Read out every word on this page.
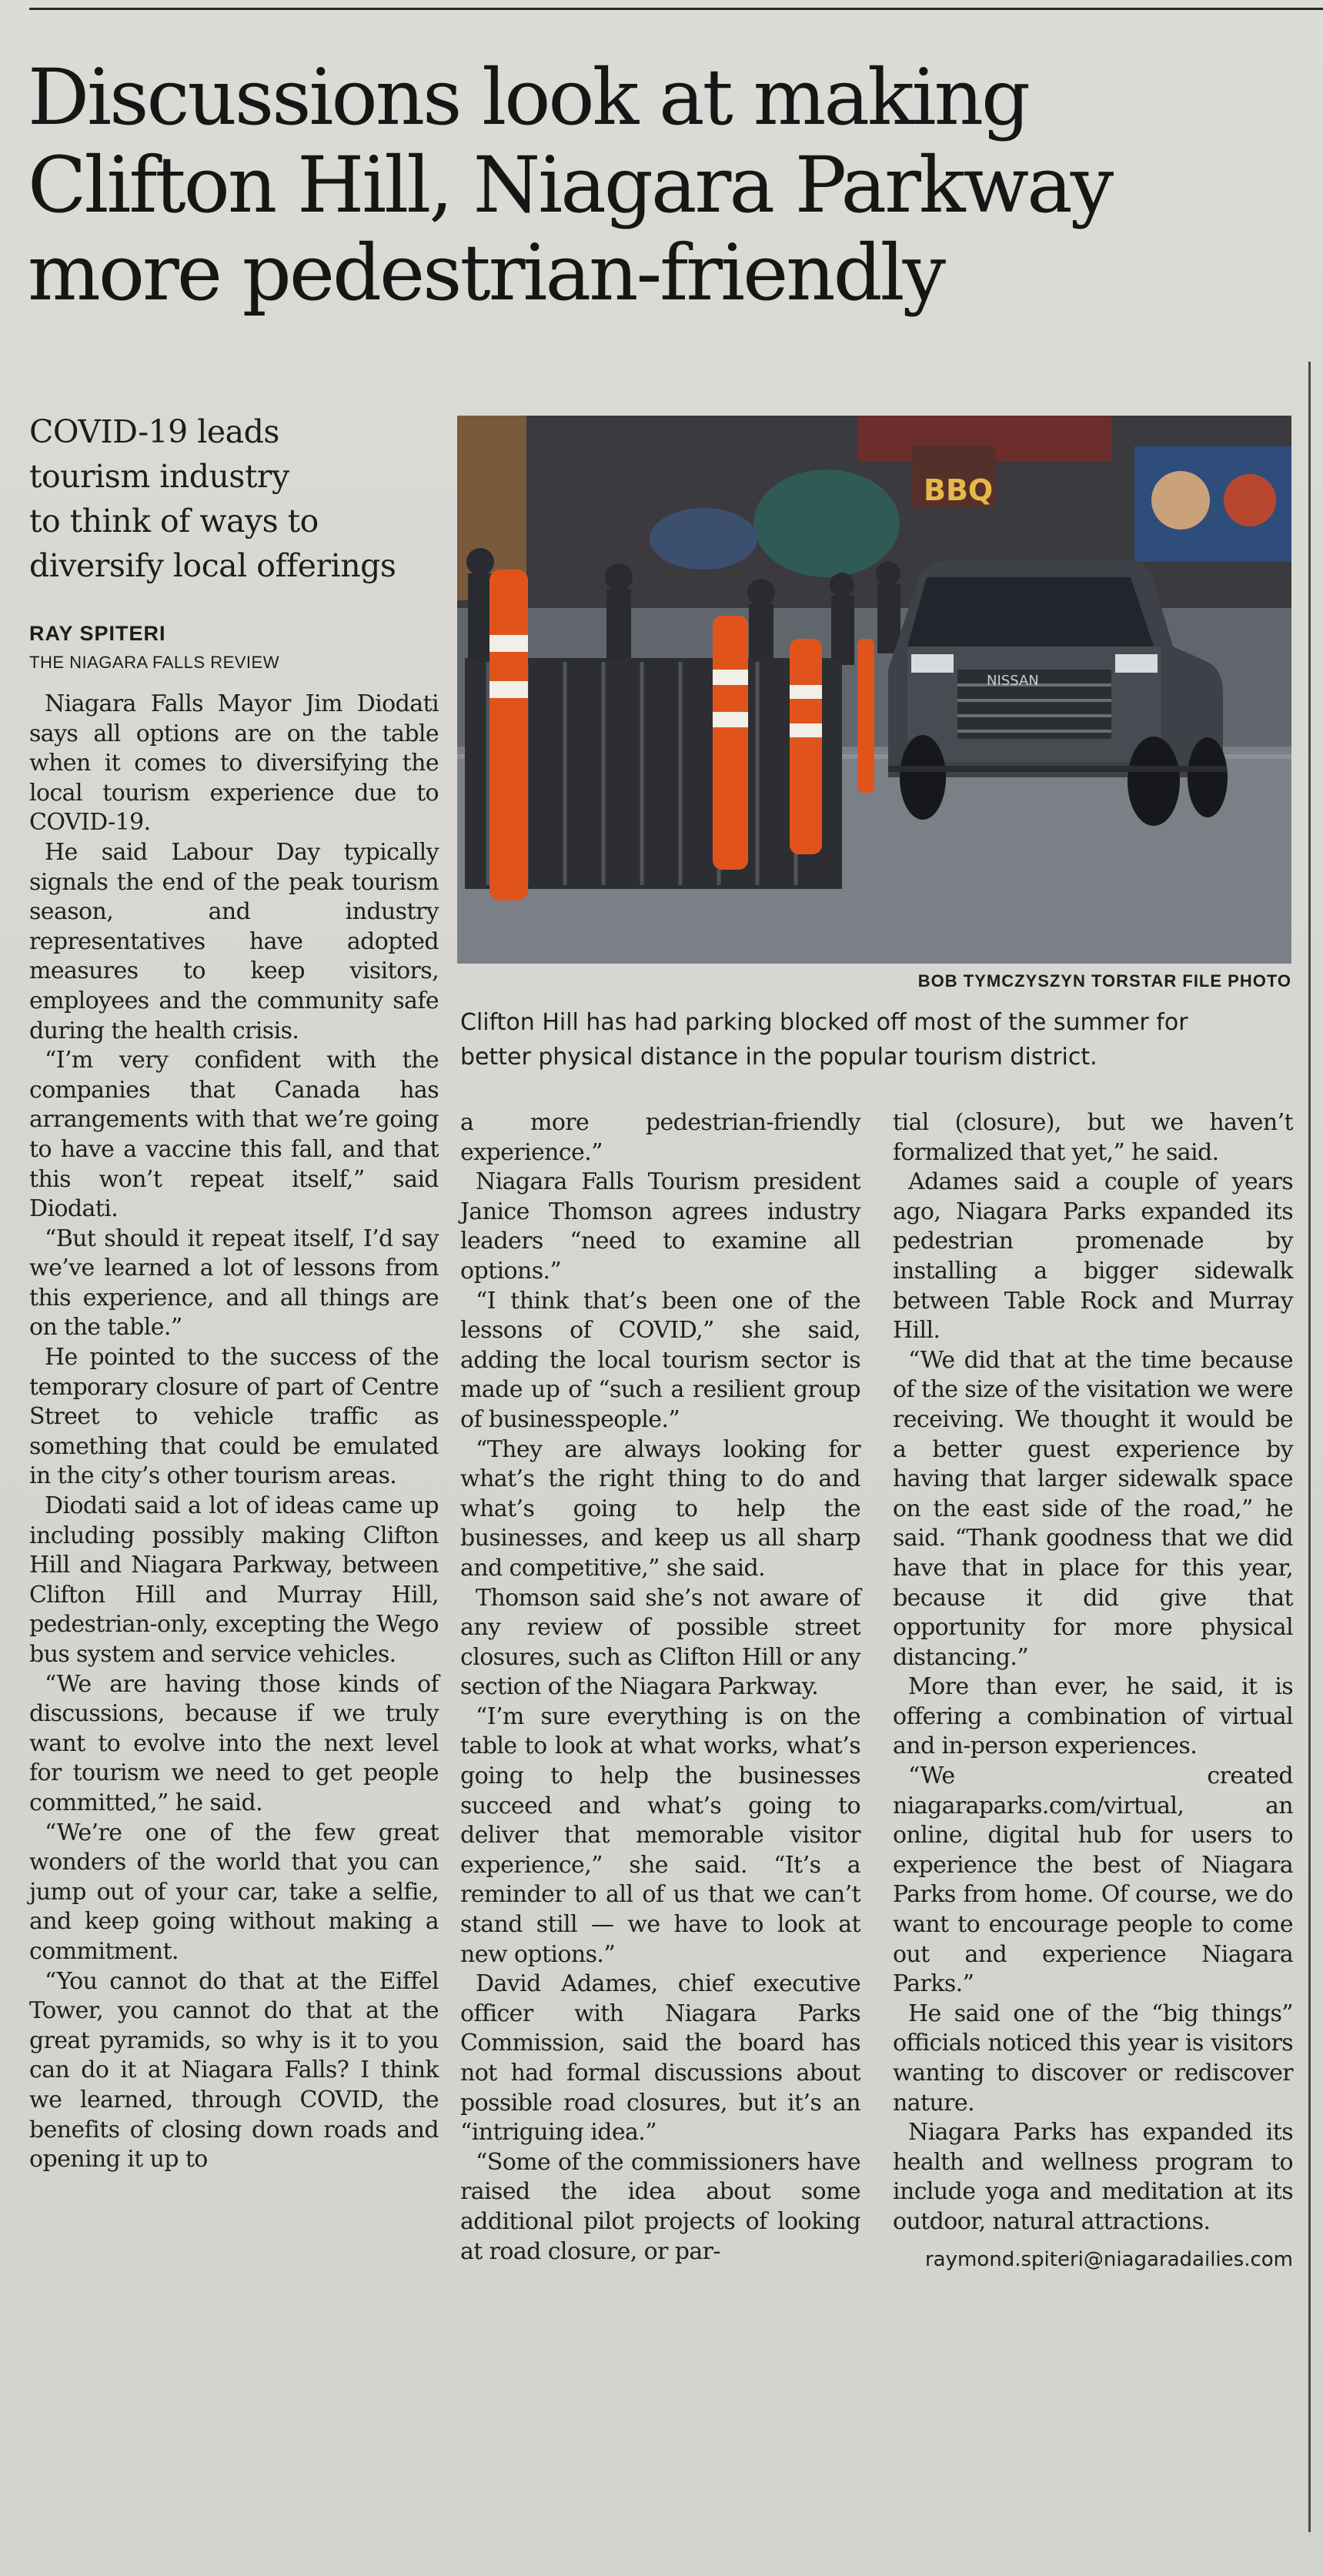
Discussions look at making
Clifton Hill, Niagara Parkway
more pedestrian-friendly
COVID-19 leads
tourism industry
to think of ways to
diversify local offerings
RAY SPITERI
THE NIAGARA FALLS REVIEW
BBQ
NISSAN
BOB TYMCZYSZYN TORSTAR FILE PHOTO
Clifton Hill has had parking blocked off most of the summer for
better physical distance in the popular tourism district.

Niagara Falls Mayor Jim Diodati says all options are on the table when it comes to diversifying the local tourism experience due to COVID-19.

He said Labour Day typically signals the end of the peak tourism season, and industry representatives have adopted measures to keep visitors, employees and the community safe during the health crisis.

“I’m very confident with the companies that Canada has arrangements with that we’re going to have a vaccine this fall, and that this won’t repeat itself,” said Diodati.

“But should it repeat itself, I’d say we’ve learned a lot of lessons from this experience, and all things are on the table.”

He pointed to the success of the temporary closure of part of Centre Street to vehicle traffic as something that could be emulated in the city’s other tourism areas.

Diodati said a lot of ideas came up including possibly making Clifton Hill and Niagara Parkway, between Clifton Hill and Murray Hill, pedestrian-only, excepting the Wego bus system and service vehicles.

“We are having those kinds of discussions, because if we truly want to evolve into the next level for tourism we need to get people committed,” he said.

“We’re one of the few great wonders of the world that you can jump out of your car, take a selfie, and keep going without making a commitment.

“You cannot do that at the Eiffel Tower, you cannot do that at the great pyramids, so why is it to you can do it at Niagara Falls? I think we learned, through COVID, the benefits of closing down roads and opening it up to

a more pedestrian-friendly experience.”

Niagara Falls Tourism president Janice Thomson agrees industry leaders “need to examine all options.”

“I think that’s been one of the lessons of COVID,” she said, adding the local tourism sector is made up of “such a resilient group of businesspeople.”

“They are always looking for what’s the right thing to do and what’s going to help the businesses, and keep us all sharp and competitive,” she said.

Thomson said she’s not aware of any review of possible street closures, such as Clifton Hill or any section of the Niagara Parkway.

“I’m sure everything is on the table to look at what works, what’s going to help the businesses succeed and what’s going to deliver that memorable visitor experience,” she said. “It’s a reminder to all of us that we can’t stand still — we have to look at new options.”

David Adames, chief executive officer with Niagara Parks Commission, said the board has not had formal discussions about possible road closures, but it’s an “intriguing idea.”

“Some of the commissioners have raised the idea about some additional pilot projects of looking at road closure, or par-

tial (closure), but we haven’t formalized that yet,” he said.

Adames said a couple of years ago, Niagara Parks expanded its pedestrian promenade by installing a bigger sidewalk between Table Rock and Murray Hill.

“We did that at the time because of the size of the visitation we were receiving. We thought it would be a better guest experience by having that larger sidewalk space on the east side of the road,” he said. “Thank goodness that we did have that in place for this year, because it did give that opportunity for more physical distancing.”

More than ever, he said, it is offering a combination of virtual and in-person experiences.

“We created niagaraparks.com/virtual, an online, digital hub for users to experience the best of Niagara Parks from home. Of course, we do want to encourage people to come out and experience Niagara Parks.”

He said one of the “big things” officials noticed this year is visitors wanting to discover or rediscover nature.

Niagara Parks has expanded its health and wellness program to include yoga and meditation at its outdoor, natural attractions.

raymond.spiteri@niagaradailies.com
